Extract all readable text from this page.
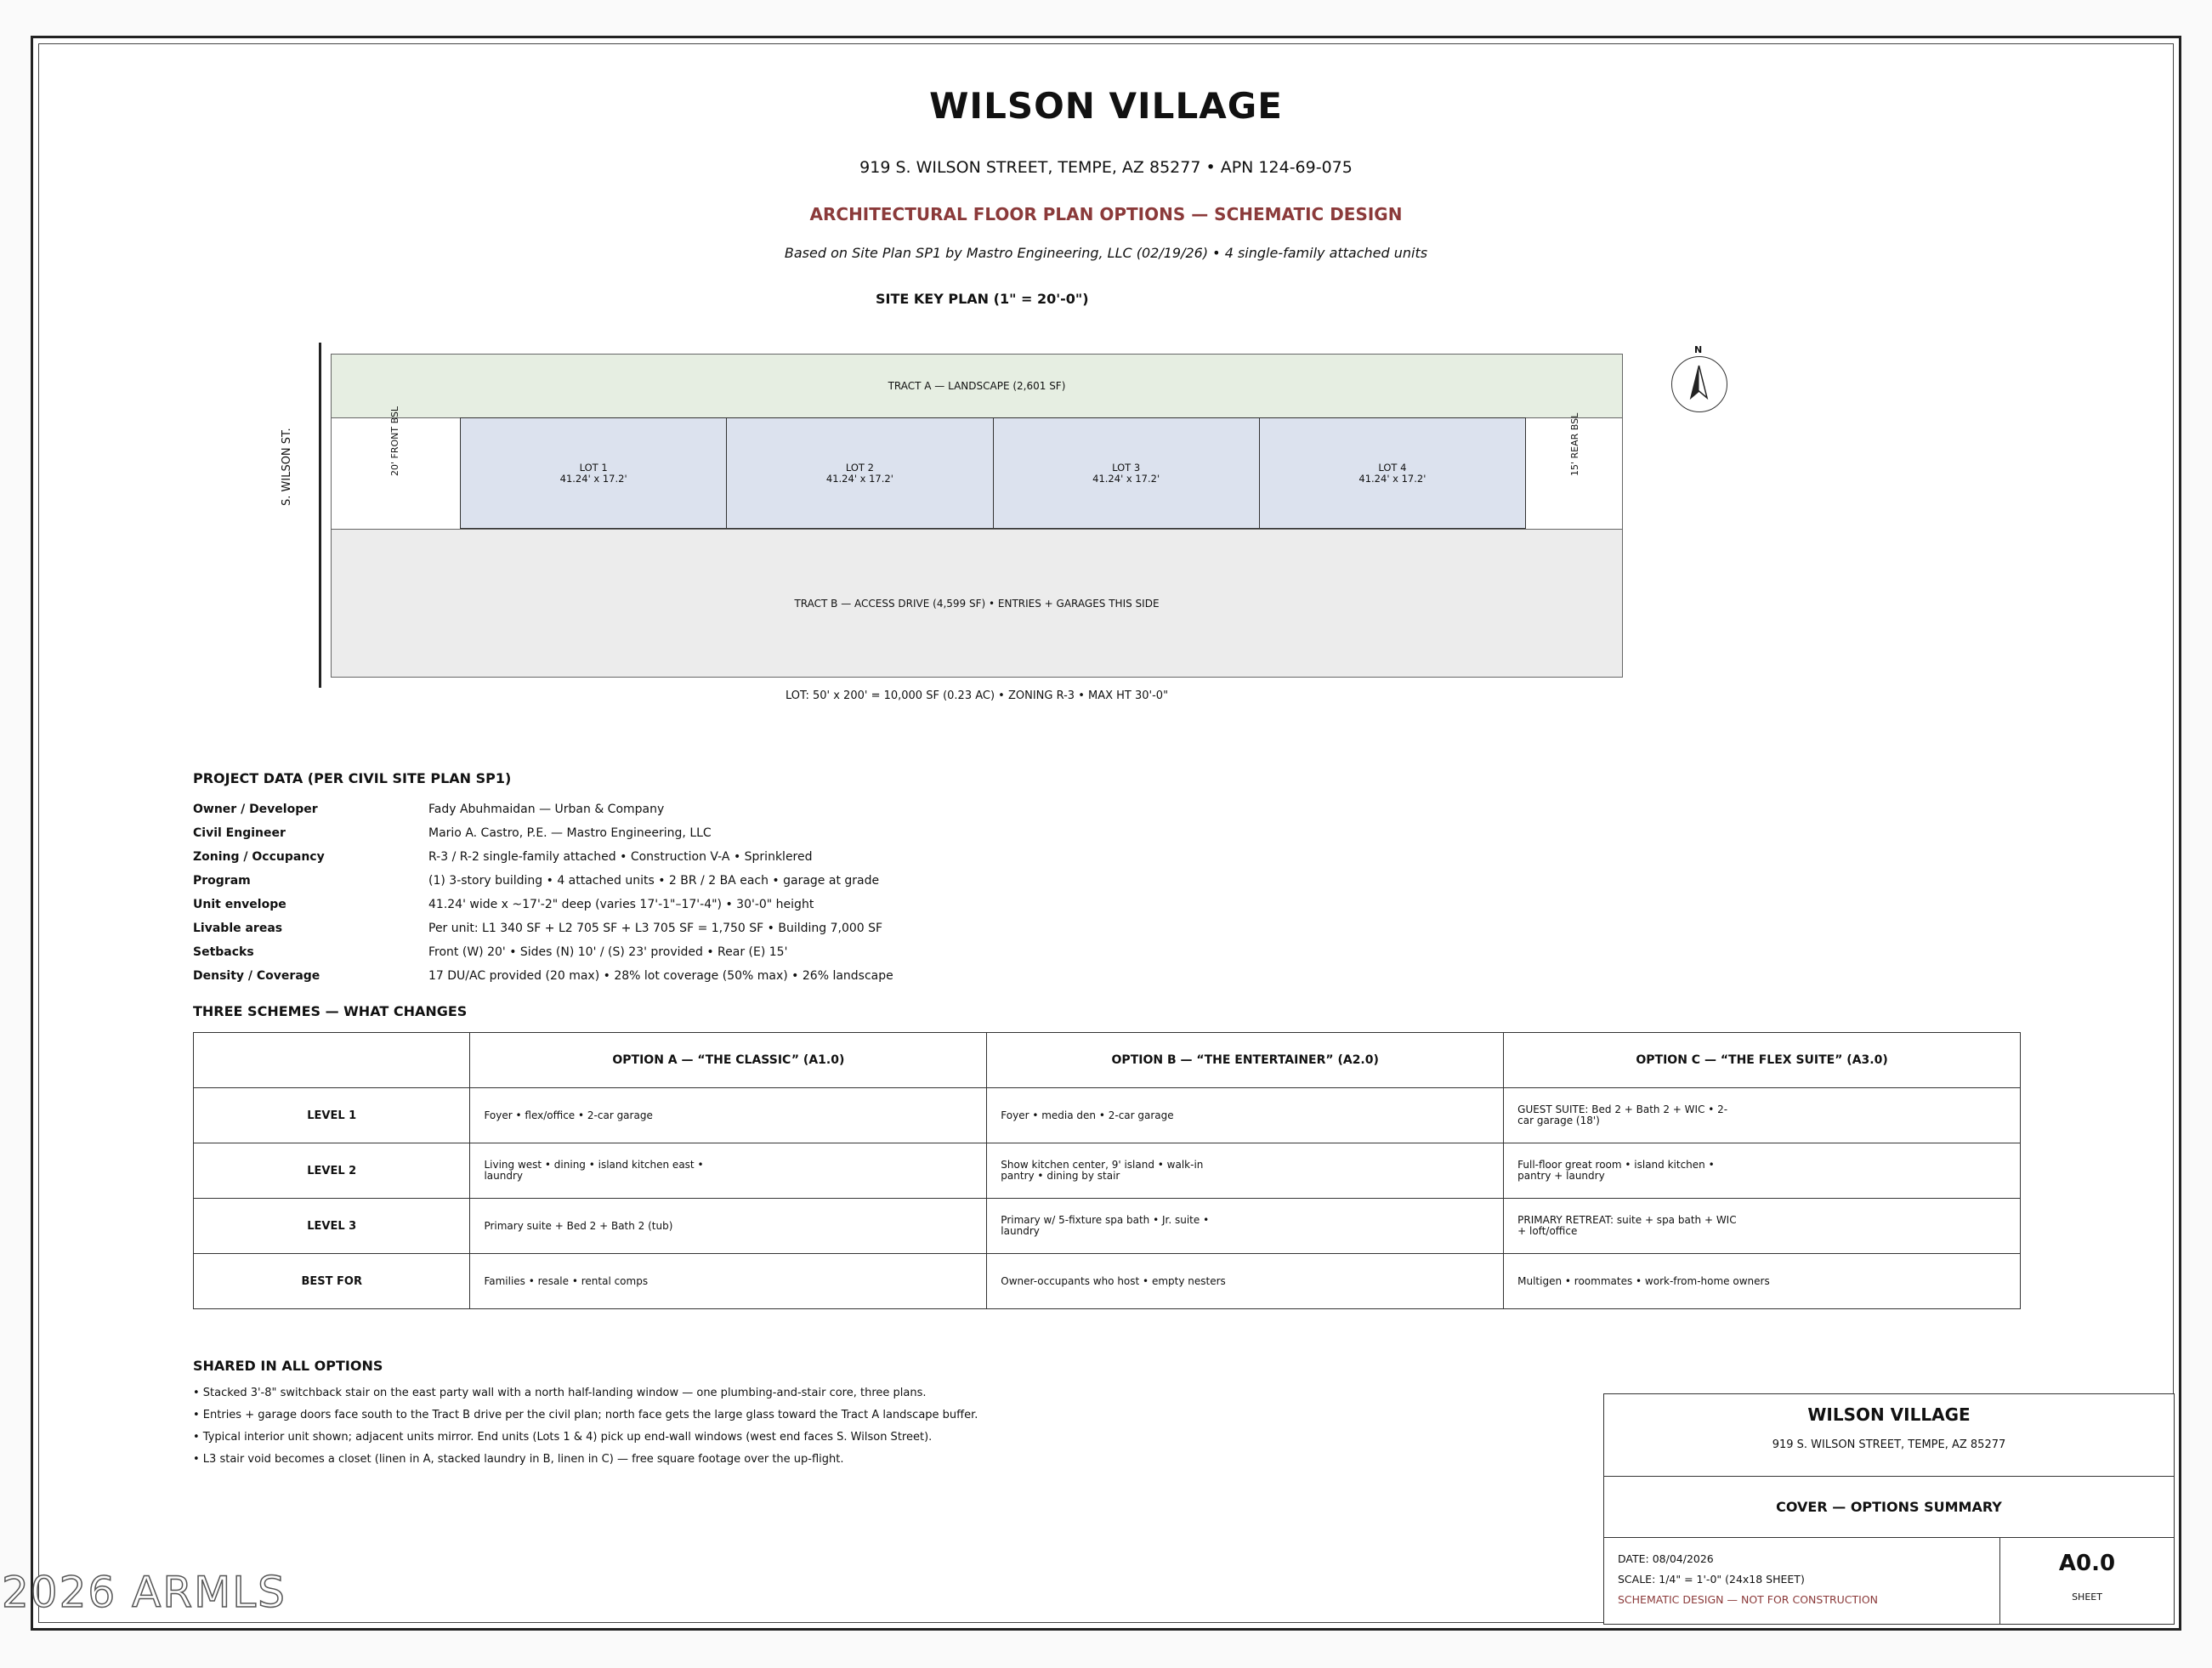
WILSON VILLAGE
919 S. WILSON STREET, TEMPE, AZ 85277 • APN 124-69-075
ARCHITECTURAL FLOOR PLAN OPTIONS — SCHEMATIC DESIGN
Based on Site Plan SP1 by Mastro Engineering, LLC (02/19/26) • 4 single-family attached units
SITE KEY PLAN (1" = 20'-0")
S. WILSON ST.
TRACT A — LANDSCAPE (2,601 SF)
20' FRONT BSL	15' REAR BSL
LOT 1
41.24' x 17.2'
LOT 2
41.24' x 17.2'
LOT 3
41.24' x 17.2'
LOT 4
41.24' x 17.2'
TRACT B — ACCESS DRIVE (4,599 SF) • ENTRIES + GARAGES THIS SIDE
LOT: 50' x 200' = 10,000 SF (0.23 AC) • ZONING R-3 • MAX HT 30'-0"
N
PROJECT DATA (PER CIVIL SITE PLAN SP1)
Owner / Developer	Fady Abuhmaidan — Urban & Company
Civil Engineer	Mario A. Castro, P.E. — Mastro Engineering, LLC
Zoning / Occupancy	R-3 / R-2 single-family attached • Construction V-A • Sprinklered
Program	(1) 3-story building • 4 attached units • 2 BR / 2 BA each • garage at grade
Unit envelope	41.24' wide x ~17'-2" deep (varies 17'-1"–17'-4") • 30'-0" height
Livable areas	Per unit: L1 340 SF + L2 705 SF + L3 705 SF = 1,750 SF • Building 7,000 SF
Setbacks	Front (W) 20' • Sides (N) 10' / (S) 23' provided • Rear (E) 15'
Density / Coverage	17 DU/AC provided (20 max) • 28% lot coverage (50% max) • 26% landscape
THREE SCHEMES — WHAT CHANGES
	OPTION A — “THE CLASSIC” (A1.0)	OPTION B — “THE ENTERTAINER” (A2.0)	OPTION C — “THE FLEX SUITE” (A3.0)
LEVEL 1	Foyer • flex/office • 2-car garage	Foyer • media den • 2-car garage	GUEST SUITE: Bed 2 + Bath 2 + WIC • 2-car garage (18')

LEVEL 2	Living west • dining • island kitchen east • laundry	Show kitchen center, 9' island • walk-in pantry • dining by stair	Full-floor great room • island kitchen • pantry + laundry

LEVEL 3	Primary suite + Bed 2 + Bath 2 (tub)	Primary w/ 5-fixture spa bath • Jr. suite • laundry	PRIMARY RETREAT: suite + spa bath + WIC + loft/office

BEST FOR	Families • resale • rental comps	Owner-occupants who host • empty nesters	Multigen • roommates • work-from-home owners
SHARED IN ALL OPTIONS
• Stacked 3'-8" switchback stair on the east party wall with a north half-landing window — one plumbing-and-stair core, three plans.
• Entries + garage doors face south to the Tract B drive per the civil plan; north face gets the large glass toward the Tract A landscape buffer.
• Typical interior unit shown; adjacent units mirror. End units (Lots 1 & 4) pick up end-wall windows (west end faces S. Wilson Street).
• L3 stair void becomes a closet (linen in A, stacked laundry in B, linen in C) — free square footage over the up-flight.
WILSON VILLAGE
919 S. WILSON STREET, TEMPE, AZ 85277
COVER — OPTIONS SUMMARY
DATE: 08/04/2026
SCALE: 1/4" = 1'-0" (24x18 SHEET)
SCHEMATIC DESIGN — NOT FOR CONSTRUCTION
A0.0
SHEET
2026 ARMLS
